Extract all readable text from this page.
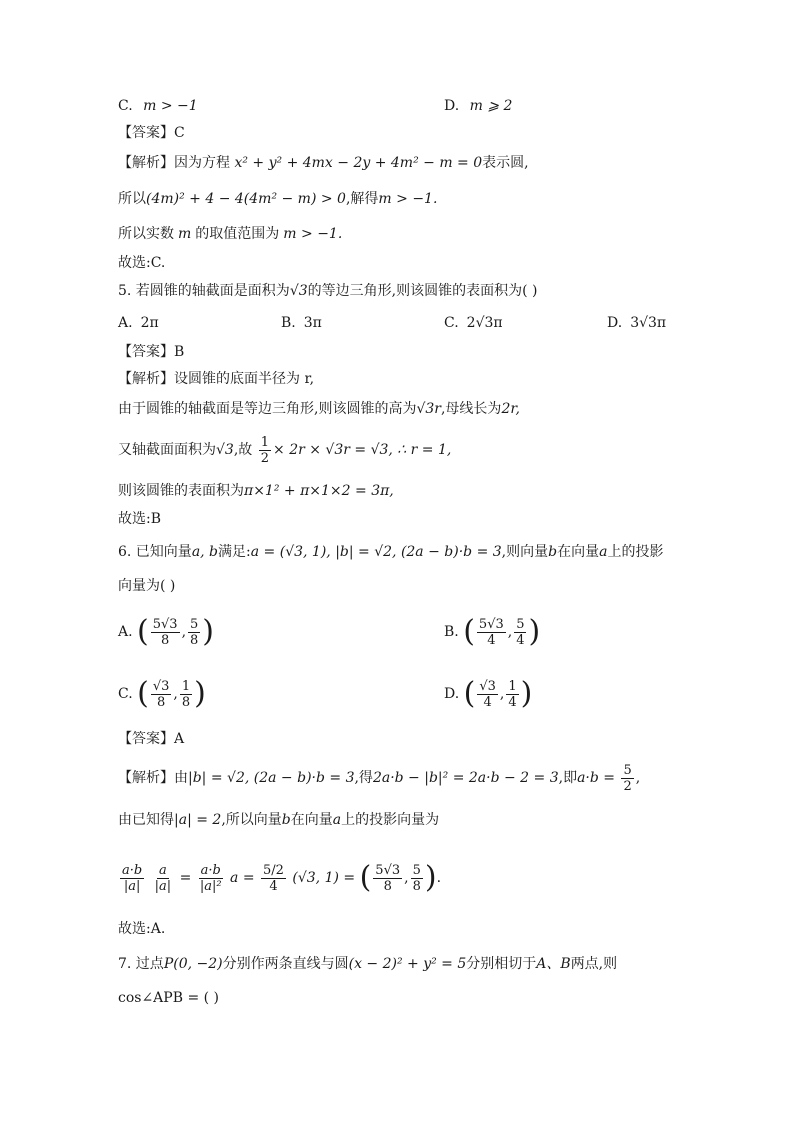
C. m > −1	D. m ⩾ 2
【答案】C
【解析】因为方程 x² + y² + 4mx − 2y + 4m² − m = 0表示圆,
所以(4m)² + 4 − 4(4m² − m) > 0,解得m > −1.
所以实数 m 的取值范围为 m > −1.
故选:C.
5. 若圆锥的轴截面是面积为√3的等边三角形,则该圆锥的表面积为( )
A. 2π	B. 3π	C. 2√3π	D. 3√3π
【答案】B
【解析】设圆锥的底面半径为 r,
由于圆锥的轴截面是等边三角形,则该圆锥的高为√3r,母线长为2r,
又轴截面面积为√3,故 $\frac{1}{2} \times 2r \times √3r = √3$, ∴ r = 1,
则该圆锥的表面积为π×1² + π×1×2 = 3π,
故选:B
6. 已知向量a, b满足:a = (√3, 1), |b| = √2, (2a − b)·b = 3,则向量b在向量a上的投影
向量为( )
A. ( $\frac{5√3}{8}$ , $\frac{5}{8}$ )	B. ( $\frac{5√3}{4}$ , $\frac{5}{4}$ )
C. ( $\frac{√3}{8}$ , $\frac{1}{8}$ )	D. ( $\frac{√3}{4}$ , $\frac{1}{4}$ )
【答案】A
【解析】由|b| = √2, (2a − b)·b = 3,得2a·b − |b|² = 2a·b − 2 = 3,即$a\cdot b = \frac{5}{2}$ ,
由已知得|a| = 2,所以向量b在向量a上的投影向量为
$\frac{a\cdot b}{|a|}$
$\frac{a}{|a|} = \frac{a\cdot b}{\text{|a|²}}$ $a = \frac{5/2}{4} (√3$, 1) = ( $\frac{5√3}{8}$ , $\frac{5}{8}$ ).
故选:A.
7. 过点P(0, −2)分别作两条直线与圆(x − 2)² + y² = 5分别相切于A、B两点,则
cos∠APB = ( )
